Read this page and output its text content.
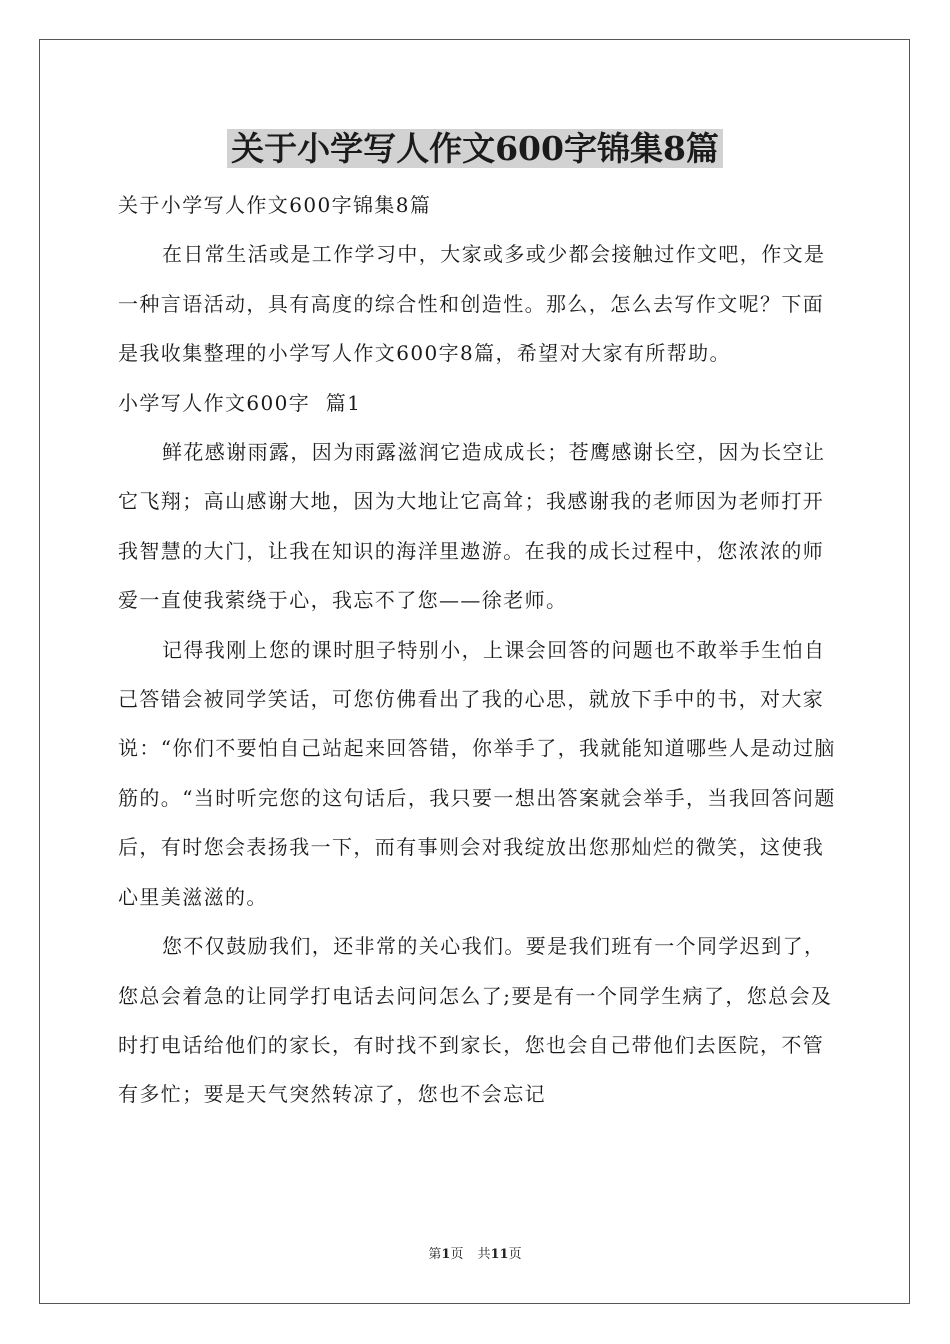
关于小学写人作文600字锦集8篇

关于小学写人作文600字锦集8篇

在日常生活或是工作学习中，大家或多或少都会接触过作文吧，作文是一种言语活动，具有高度的综合性和创造性。那么，怎么去写作文呢？下面是我收集整理的小学写人作文600字8篇，希望对大家有所帮助。

小学写人作文600字  篇1

鲜花感谢雨露，因为雨露滋润它造成成长；苍鹰感谢长空，因为长空让它飞翔；高山感谢大地，因为大地让它高耸；我感谢我的老师因为老师打开我智慧的大门，让我在知识的海洋里遨游。在我的成长过程中，您浓浓的师爱一直使我萦绕于心，我忘不了您——徐老师。

记得我刚上您的课时胆子特别小，上课会回答的问题也不敢举手生怕自己答错会被同学笑话，可您仿佛看出了我的心思，就放下手中的书，对大家说：“你们不要怕自己站起来回答错，你举手了，我就能知道哪些人是动过脑筋的。“当时听完您的这句话后，我只要一想出答案就会举手，当我回答问题后，有时您会表扬我一下，而有事则会对我绽放出您那灿烂的微笑，这使我心里美滋滋的。

您不仅鼓励我们，还非常的关心我们。要是我们班有一个同学迟到了，您总会着急的让同学打电话去问问怎么了;要是有一个同学生病了，您总会及时打电话给他们的家长，有时找不到家长，您也会自己带他们去医院，不管有多忙；要是天气突然转凉了，您也不会忘记

第1页 共11页
